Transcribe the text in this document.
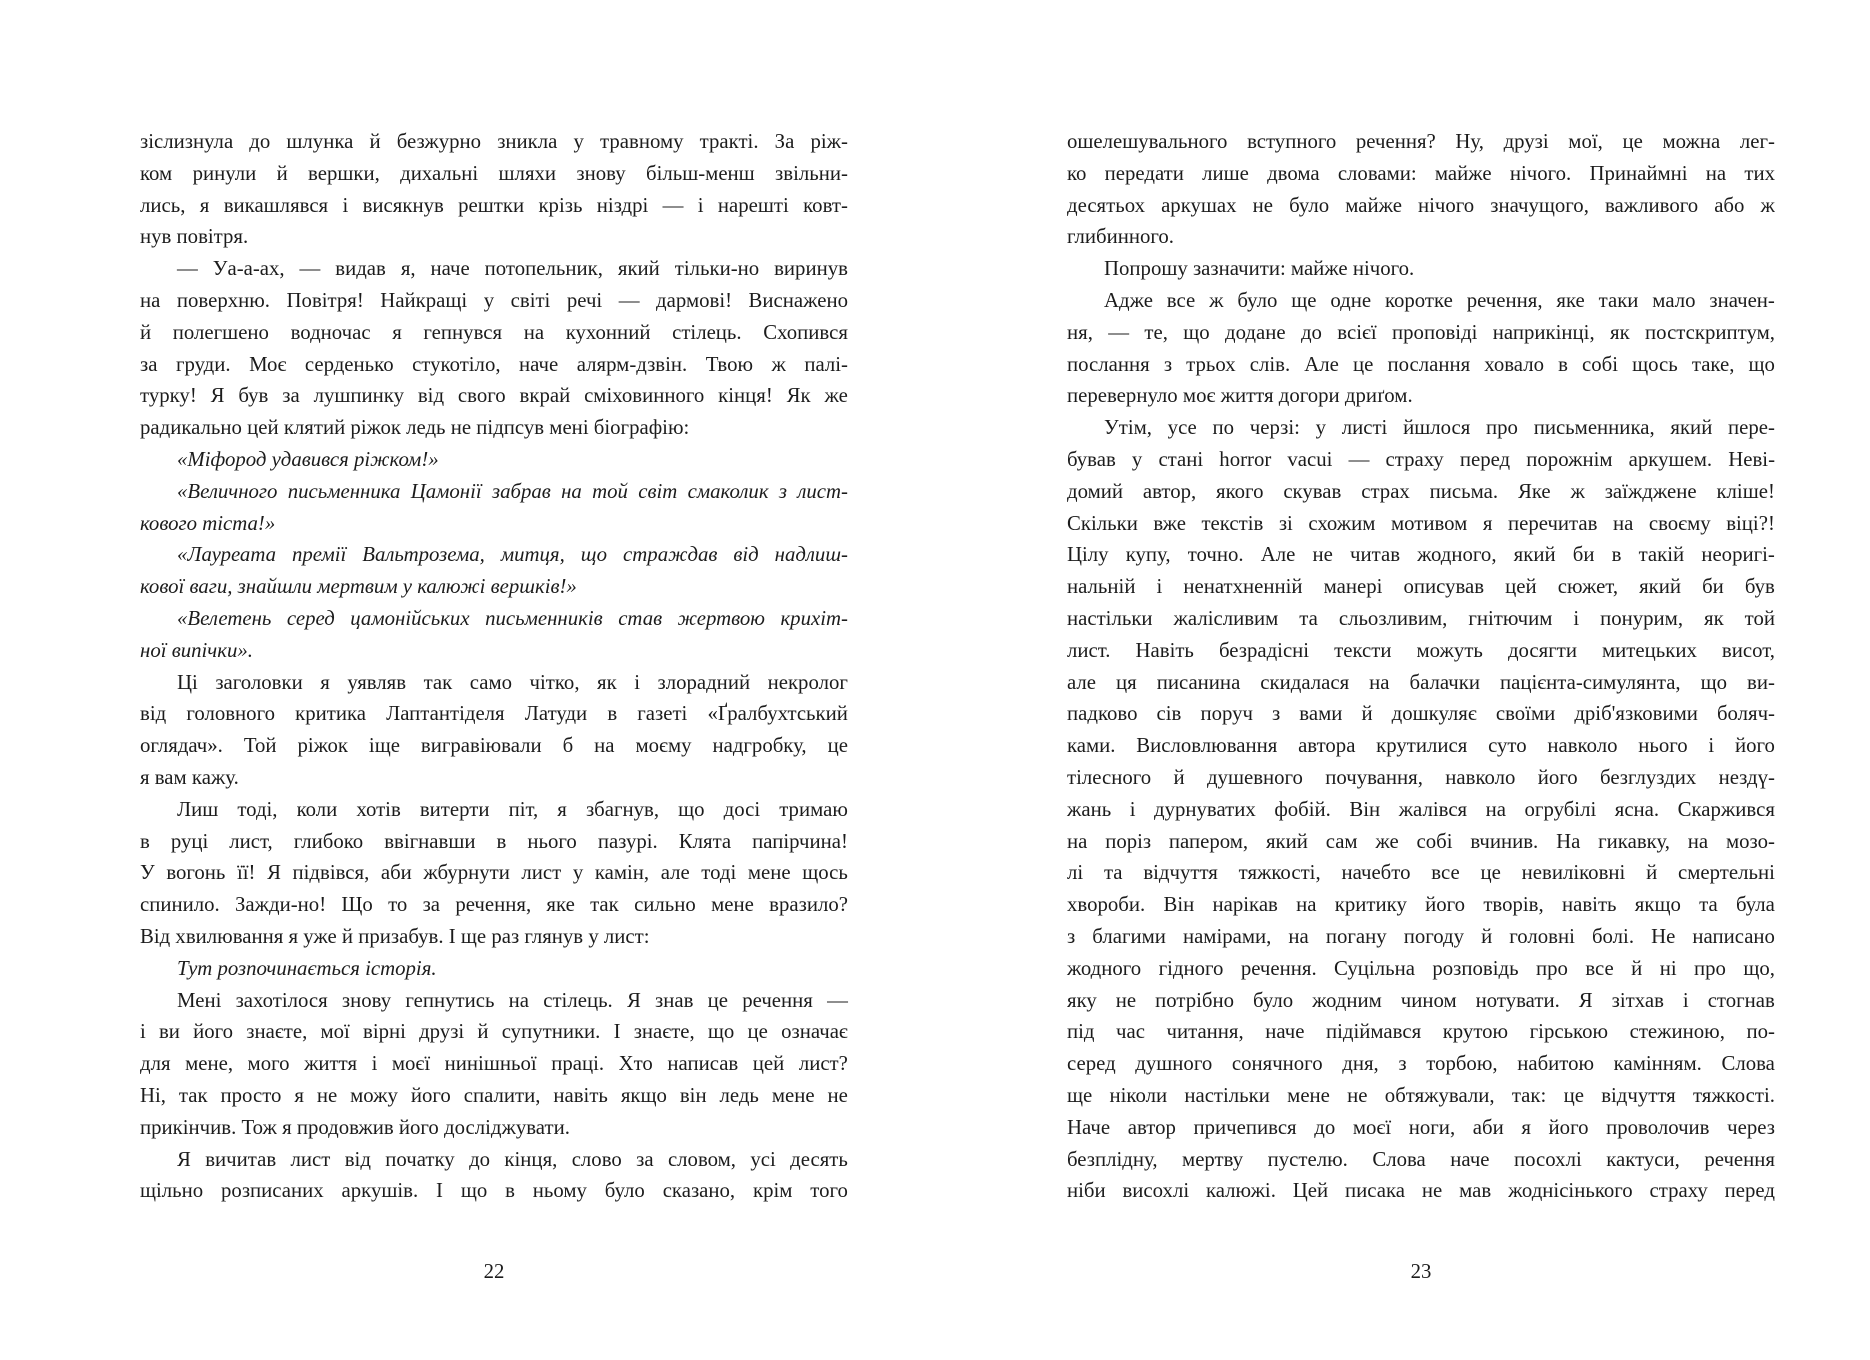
зіслизнула до шлунка й безжурно зникла у травному тракті. За ріж-
ком ринули й вершки, дихальні шляхи знову більш-менш звільни-
лись, я викашлявся і висякнув рештки крізь ніздрі — і нарешті ковт-
нув повітря.
— Уа-а-ах, — видав я, наче потопельник, який тільки-но виринув
на поверхню. Повітря! Найкращі у світі речі — дармові! Виснажено
й полегшено водночас я гепнувся на кухонний стілець. Схопився
за груди. Моє серденько стукотіло, наче алярм-дзвін. Твою ж палі-
турку! Я був за лушпинку від свого вкрай сміховинного кінця! Як же
радикально цей клятий ріжок ледь не підпсув мені біографію:
«Міфород удавився ріжком!»
«Величного письменника Цамонії забрав на той світ смаколик з лист-
кового тіста!»
«Лауреата премії Вальтрозема, митця, що страждав від надлиш-
кової ваги, знайшли мертвим у калюжі вершків!»
«Велетень серед цамонійських письменників став жертвою крихіт-
ної випічки».
Ці заголовки я уявляв так само чітко, як і злорадний некролог
від головного критика Лаптантіделя Латуди в газеті «Ґралбухтський
оглядач». Той ріжок іще вигравіювали б на моєму надгробку, це
я вам кажу.
Лиш тоді, коли хотів витерти піт, я збагнув, що досі тримаю
в руці лист, глибоко ввігнавши в нього пазурі. Клята папірчина!
У вогонь її! Я підвівся, аби жбурнути лист у камін, але тоді мене щось
спинило. Зажди-но! Що то за речення, яке так сильно мене вразило?
Від хвилювання я уже й призабув. І ще раз глянув у лист:
Тут розпочинається історія.
Мені захотілося знову гепнутись на стілець. Я знав це речення —
і ви його знаєте, мої вірні друзі й супутники. І знаєте, що це означає
для мене, мого життя і моєї нинішньої праці. Хто написав цей лист?
Ні, так просто я не можу його спалити, навіть якщо він ледь мене не
прикінчив. Тож я продовжив його досліджувати.
Я вичитав лист від початку до кінця, слово за словом, усі десять
щільно розписаних аркушів. І що в ньому було сказано, крім того
22
ошелешувального вступного речення? Ну, друзі мої, це можна лег-
ко передати лише двома словами: майже нічого. Принаймні на тих
десятьох аркушах не було майже нічого значущого, важливого або ж
глибинного.
Попрошу зазначити: майже нічого.
Адже все ж було ще одне коротке речення, яке таки мало значен-
ня, — те, що додане до всієї проповіді наприкінці, як постскриптум,
послання з трьох слів. Але це послання ховало в собі щось таке, що
перевернуло моє життя догори дриґом.
Утім, усе по черзі: у листі йшлося про письменника, який пере-
бував у стані horror vacui — страху перед порожнім аркушем. Неві-
домий автор, якого скував страх письма. Яке ж заїжджене кліше!
Скільки вже текстів зі схожим мотивом я перечитав на своєму віці?!
Цілу купу, точно. Але не читав жодного, який би в такій неоригі-
нальній і ненатхненній манері описував цей сюжет, який би був
настільки жалісливим та сльозливим, гнітючим і понурим, як той
лист. Навіть безрадісні тексти можуть досягти митецьких висот,
але ця писанина скидалася на балачки пацієнта-симулянта, що ви-
падково сів поруч з вами й дошкуляє своїми дріб'язковими боляч-
ками. Висловлювання автора крутилися суто навколо нього і його
тілесного й душевного почування, навколо його безглуздих нездү-
жань і дурнуватих фобій. Він жалівся на огрубілі ясна. Скаржився
на поріз папером, який сам же собі вчинив. На гикавку, на мозо-
лі та відчуття тяжкості, начебто все це невиліковні й смертельні
хвороби. Він нарікав на критику його творів, навіть якщо та була
з благими намірами, на погану погоду й головні болі. Не написано
жодного гідного речення. Суцільна розповідь про все й ні про що,
яку не потрібно було жодним чином нотувати. Я зітхав і стогнав
під час читання, наче підіймався крутою гірською стежиною, по-
серед душного сонячного дня, з торбою, набитою камінням. Слова
ще ніколи настільки мене не обтяжували, так: це відчуття тяжкості.
Наче автор причепився до моєї ноги, аби я його проволочив через
безплідну, мертву пустелю. Слова наче посохлі кактуси, речення
ніби висохлі калюжі. Цей писака не мав жоднісінького страху перед
23
